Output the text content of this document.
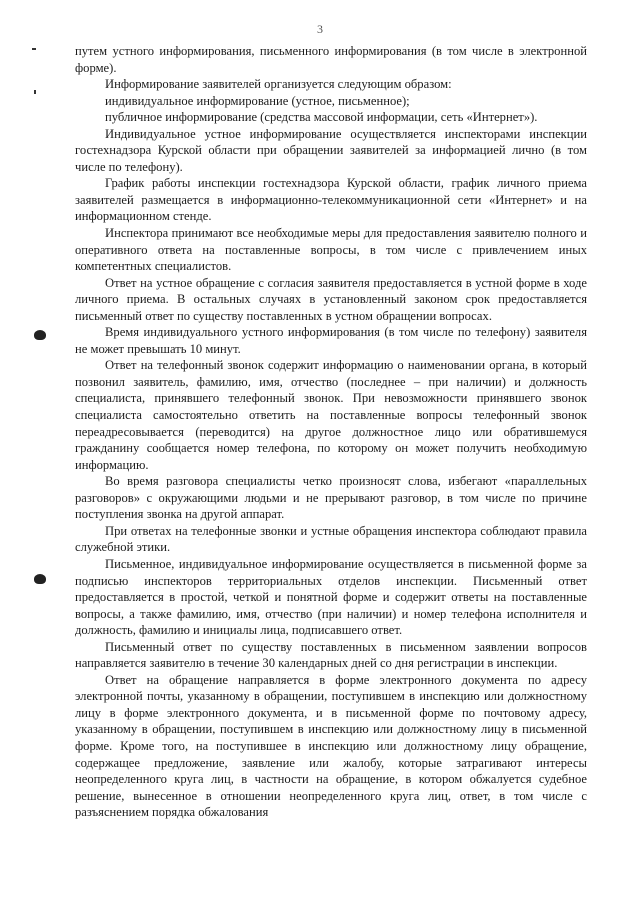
3

путем устного информирования, письменного информирования (в том числе в электронной форме).

Информирование заявителей организуется следующим образом:

индивидуальное информирование (устное, письменное);

публичное информирование (средства массовой информации, сеть «Интернет»).

Индивидуальное устное информирование осуществляется инспекторами инспекции гостехнадзора Курской области при обращении заявителей за информацией лично (в том числе по телефону).

График работы инспекции гостехнадзора Курской области, график личного приема заявителей размещается в информационно-телекоммуникационной сети «Интернет» и на информационном стенде.

Инспектора принимают все необходимые меры для предоставления заявителю полного и оперативного ответа на поставленные вопросы, в том числе с привлечением иных компетентных специалистов.

Ответ на устное обращение с согласия заявителя предоставляется в устной форме в ходе личного приема. В остальных случаях в установленный законом срок предоставляется письменный ответ по существу поставленных в устном обращении вопросах.

Время индивидуального устного информирования (в том числе по телефону) заявителя не может превышать 10 минут.

Ответ на телефонный звонок содержит информацию о наименовании органа, в который позвонил заявитель, фамилию, имя, отчество (последнее – при наличии) и должность специалиста, принявшего телефонный звонок. При невозможности принявшего звонок специалиста самостоятельно ответить на поставленные вопросы телефонный звонок переадресовывается (переводится) на другое должностное лицо или обратившемуся гражданину сообщается номер телефона, по которому он может получить необходимую информацию.

Во время разговора специалисты четко произносят слова, избегают «параллельных разговоров» с окружающими людьми и не прерывают разговор, в том числе по причине поступления звонка на другой аппарат.

При ответах на телефонные звонки и устные обращения инспектора соблюдают правила служебной этики.

Письменное, индивидуальное информирование осуществляется в письменной форме за подписью инспекторов территориальных отделов инспекции. Письменный ответ предоставляется в простой, четкой и понятной форме и содержит ответы на поставленные вопросы, а также фамилию, имя, отчество (при наличии) и номер телефона исполнителя и должность, фамилию и инициалы лица, подписавшего ответ.

Письменный ответ по существу поставленных в письменном заявлении вопросов направляется заявителю в течение 30 календарных дней со дня регистрации в инспекции.

Ответ на обращение направляется в форме электронного документа по адресу электронной почты, указанному в обращении, поступившем в инспекцию или должностному лицу в форме электронного документа, и в письменной форме по почтовому адресу, указанному в обращении, поступившем в инспекцию или должностному лицу в письменной форме. Кроме того, на поступившее в инспекцию или должностному лицу обращение, содержащее предложение, заявление или жалобу, которые затрагивают интересы неопределенного круга лиц, в частности на обращение, в котором обжалуется судебное решение, вынесенное в отношении неопределенного круга лиц, ответ, в том числе с разъяснением порядка обжалования
